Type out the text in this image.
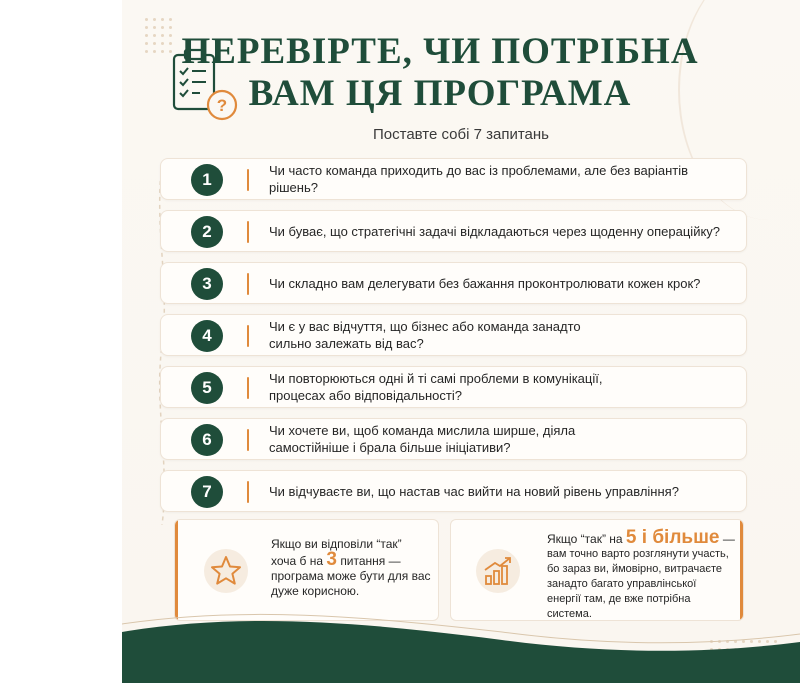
?
ПЕРЕВІРТЕ, ЧИ ПОТРІБНА
ВАМ ЦЯ ПРОГРАМА
Поставте собі 7 запитань
1	Чи часто команда приходить до вас із проблемами, але без варіантів рішень?
2	Чи буває, що стратегічні задачі відкладаються через щоденну операційку?
3	Чи складно вам делегувати без бажання проконтролювати кожен крок?
4	Чи є у вас відчуття, що бізнес або команда занадто сильно залежать від вас?
5	Чи повторюються одні й ті самі проблеми в комунікації, процесах або відповідальності?
6	Чи хочете ви, щоб команда мислила ширше, діяла самостійніше і брала більше ініціативи?
7	Чи відчуваєте ви, що настав час вийти на новий рівень управління?
Якщо ви відповіли “так”
хоча б на 3 питання —
програма може бути для вас
дуже корисною.
Якщо “так” на 5 і більше —
вам точно варто розглянути участь,
бо зараз ви, ймовірно, витрачаєте
занадто багато управлінської
енергії там, де вже потрібна система.
